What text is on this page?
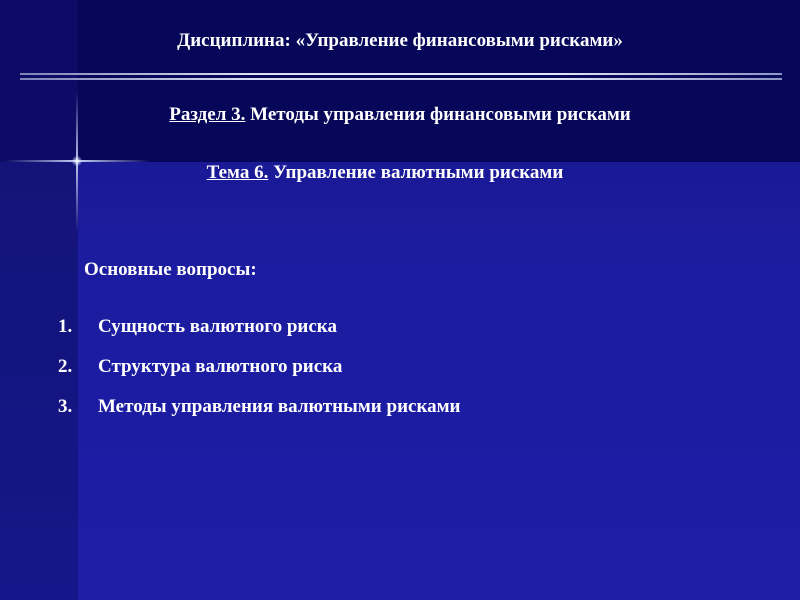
Дисциплина: «Управление финансовыми рисками»
Раздел 3. Методы управления финансовыми рисками
Тема 6. Управление валютными рисками
Основные вопросы:
1. Сущность валютного риска
2. Структура валютного риска
3. Методы управления валютными рисками
